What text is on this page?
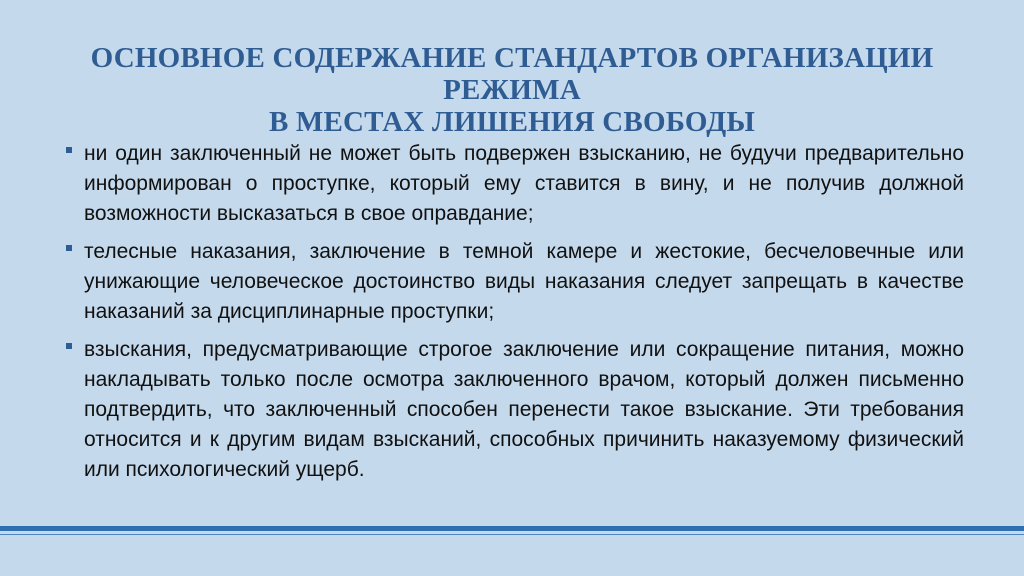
ОСНОВНОЕ СОДЕРЖАНИЕ СТАНДАРТОВ ОРГАНИЗАЦИИ РЕЖИМА
В МЕСТАХ ЛИШЕНИЯ СВОБОДЫ
ни один заключенный не может быть подвержен взысканию, не будучи предварительно информирован о проступке, который ему ставится в вину, и не получив должной возможности высказаться в свое оправдание;
телесные наказания, заключение в темной камере и жестокие, бесчеловечные или унижающие человеческое достоинство виды наказания следует запрещать в качестве наказаний за дисциплинарные проступки;
взыскания, предусматривающие строгое заключение или сокращение питания, можно накладывать только после осмотра заключенного врачом, который должен письменно подтвердить, что заключенный способен перенести такое взыскание. Эти требования относится и к другим видам взысканий, способных причинить наказуемому физический или психологический ущерб.
